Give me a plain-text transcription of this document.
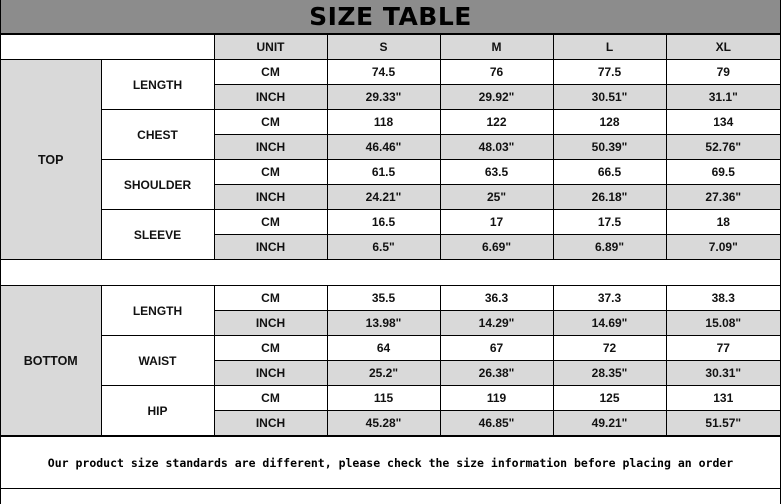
SIZE TABLE
		UNIT	S	M	L	XL
TOP	LENGTH	CM	74.5	76	77.5	79
		INCH	29.33"	29.92"	30.51"	31.1"
	CHEST	CM	118	122	128	134
		INCH	46.46"	48.03"	50.39"	52.76"
	SHOULDER	CM	61.5	63.5	66.5	69.5
		INCH	24.21"	25"	26.18"	27.36"
	SLEEVE	CM	16.5	17	17.5	18
		INCH	6.5"	6.69"	6.89"	7.09"

BOTTOM	LENGTH	CM	35.5	36.3	37.3	38.3
		INCH	13.98"	14.29"	14.69"	15.08"
	WAIST	CM	64	67	72	77
		INCH	25.2"	26.38"	28.35"	30.31"
	HIP	CM	115	119	125	131
		INCH	45.28"	46.85"	49.21"	51.57"
Our product size standards are different, please check the size information before placing an order
